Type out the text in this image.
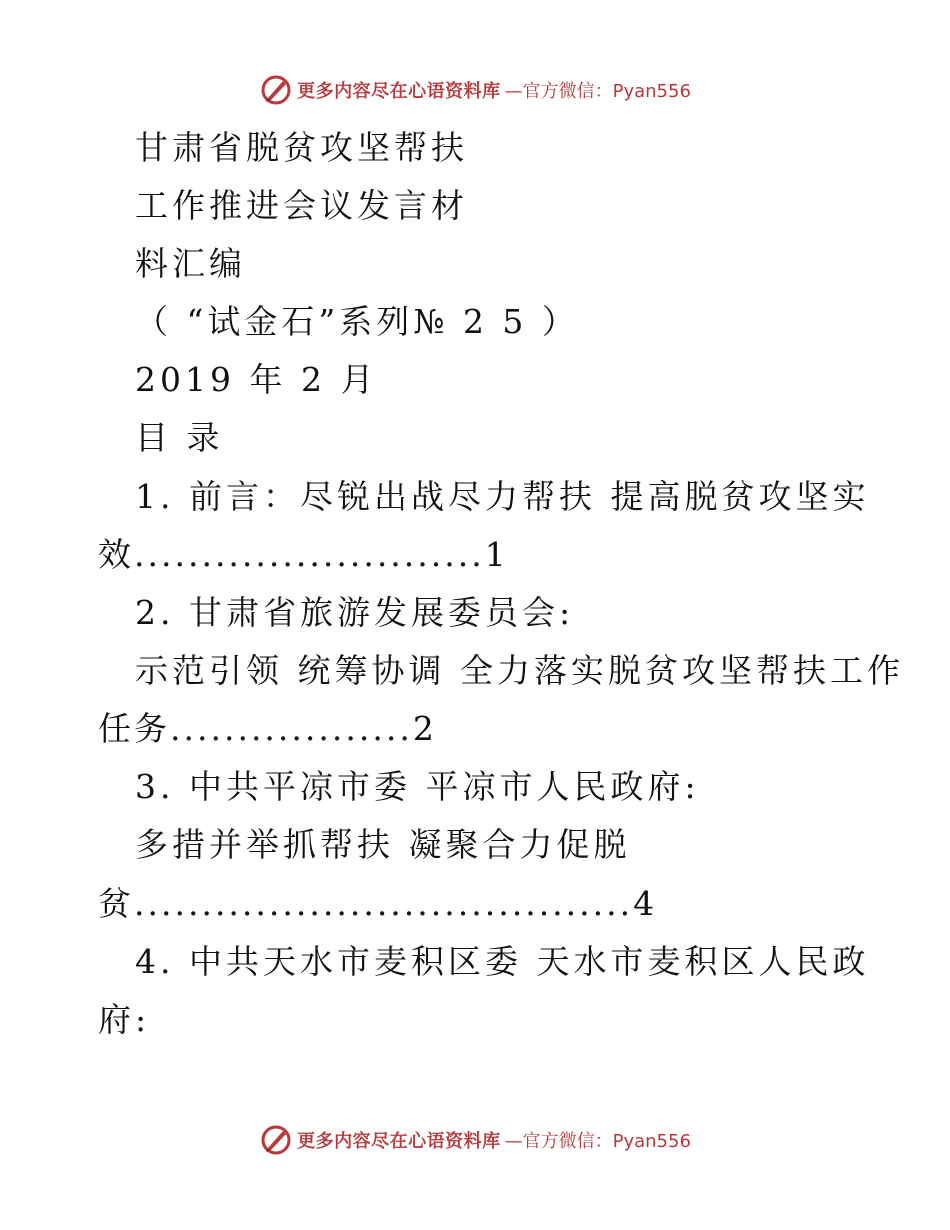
更多内容尽在心语资料库 —官方微信：Pyan556
甘肃省脱贫攻坚帮扶
工作推进会议发言材
料汇编
（ “试金石”系列№ 2 5 ）
2019 年 2 月
目 录
1. 前言：尽锐出战尽力帮扶 提高脱贫攻坚实
效..........................1
2. 甘肃省旅游发展委员会:
示范引领 统筹协调 全力落实脱贫攻坚帮扶工作
任务..................2
3. 中共平凉市委 平凉市人民政府:
多措并举抓帮扶 凝聚合力促脱
贫.....................................4
4. 中共天水市麦积区委 天水市麦积区人民政
府:
更多内容尽在心语资料库 —官方微信：Pyan556
